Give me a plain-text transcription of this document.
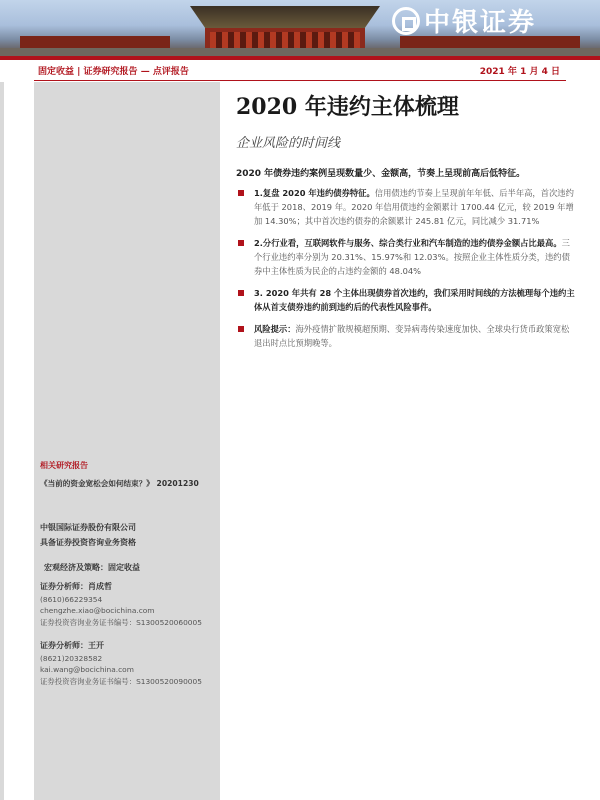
中银证券
固定收益 | 证券研究报告 — 点评报告	2021 年 1 月 4 日
2020 年违约主体梳理
企业风险的时间线
2020 年债券违约案例呈现数量少、金额高，节奏上呈现前高后低特征。
1.复盘 2020 年违约债券特征。信用债违约节奏上呈现前年年低、后半年高，首次违约年低于 2018、2019 年。2020 年信用债违约金额累计 1700.44 亿元，较 2019 年增加 14.30%；其中首次违约债券的余额累计 245.81 亿元，同比减少 31.71%
2.分行业看，互联网软件与服务、综合类行业和汽车制造的违约债券金额占比最高。三个行业违约率分别为 20.31%、15.97%和 12.03%。按照企业主体性质分类，违约债券中主体性质为民企的占违约金额的 48.04%
3. 2020 年共有 28 个主体出现债券首次违约，我们采用时间线的方法梳理每个违约主体从首支债券违约前到违约后的代表性风险事件。
风险提示：海外疫情扩散规模超预期、变异病毒传染速度加快、全球央行货币政策宽松退出时点比预期晚等。
相关研究报告
《当前的资金宽松会如何结束？》 20201230
中银国际证券股份有限公司
具备证券投资咨询业务资格
宏观经济及策略：固定收益
证券分析师：肖成哲
(8610)66229354
chengzhe.xiao@bocichina.com
证券投资咨询业务证书编号：S1300520060005
证券分析师：王开
(8621)20328582
kai.wang@bocichina.com
证券投资咨询业务证书编号：S1300520090005
